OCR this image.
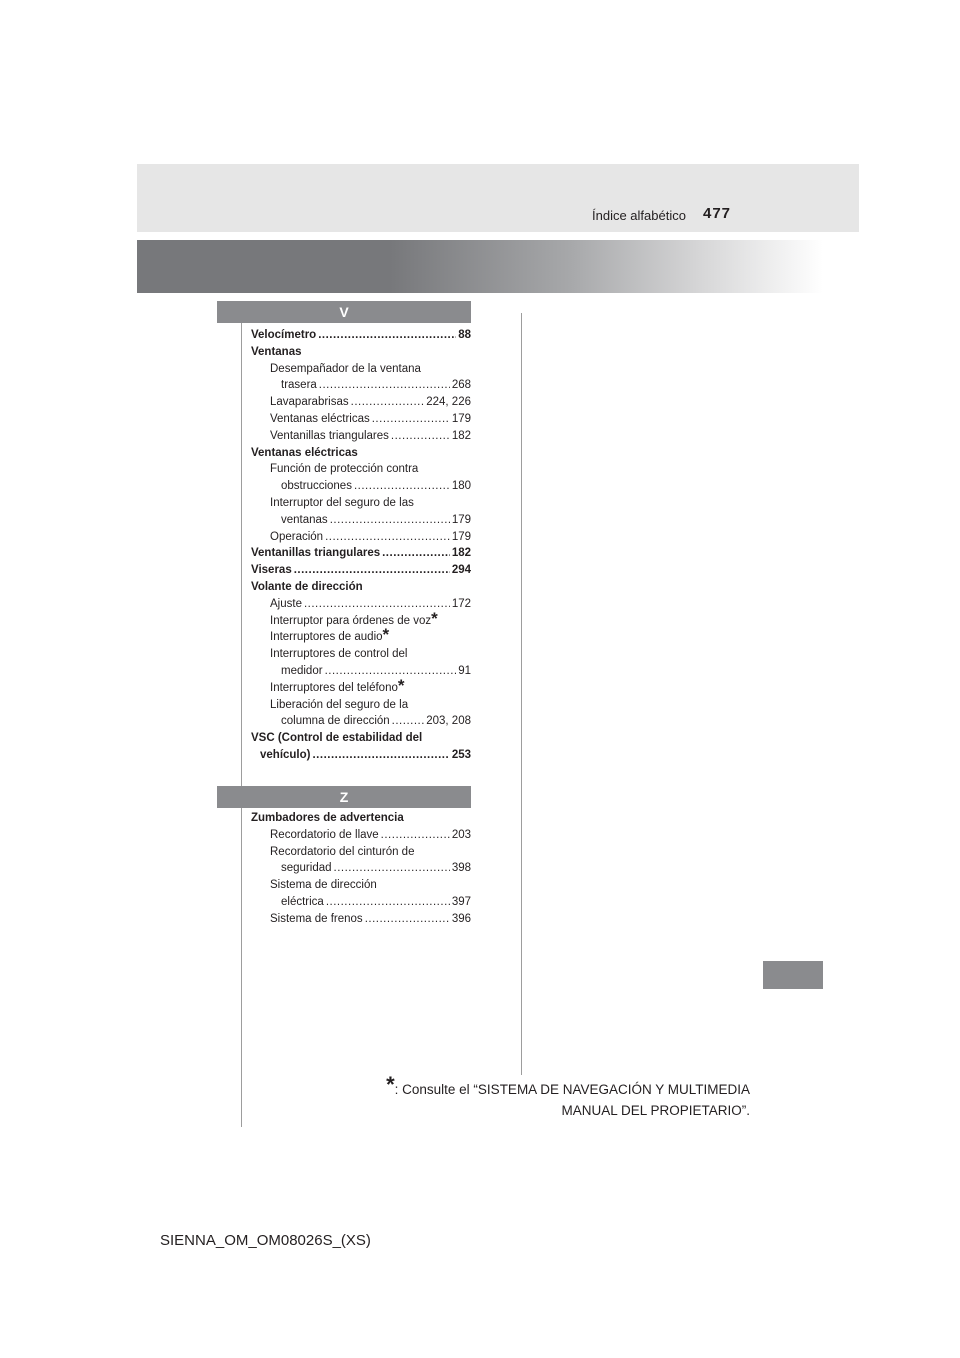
Índice alfabético 477
V
Velocímetro .....	88
Ventanas
Desempañador de la ventana
trasera .....	268
Lavaparabrisas .....	224, 226
Ventanas eléctricas .....	179
Ventanillas triangulares .....	182
Ventanas eléctricas
Función de protección contra
obstrucciones .....	180
Interruptor del seguro de las
ventanas .....	179
Operación .....	179
Ventanillas triangulares .....	182
Viseras .....	294
Volante de dirección
Ajuste .....	172
Interruptor para órdenes de voz *
Interruptores de audio *
Interruptores de control del
medidor .....	91
Interruptores del teléfono *
Liberación del seguro de la
columna de dirección .....	203, 208
VSC (Control de estabilidad del
vehículo) .....	253
Z
Zumbadores de advertencia
Recordatorio de llave .....	203
Recordatorio del cinturón de
seguridad .....	398
Sistema de dirección
eléctrica .....	397
Sistema de frenos .....	396
*: Consulte el “SISTEMA DE NAVEGACIÓN Y MULTIMEDIA
MANUAL DEL PROPIETARIO”.
SIENNA_OM_OM08026S_(XS)
